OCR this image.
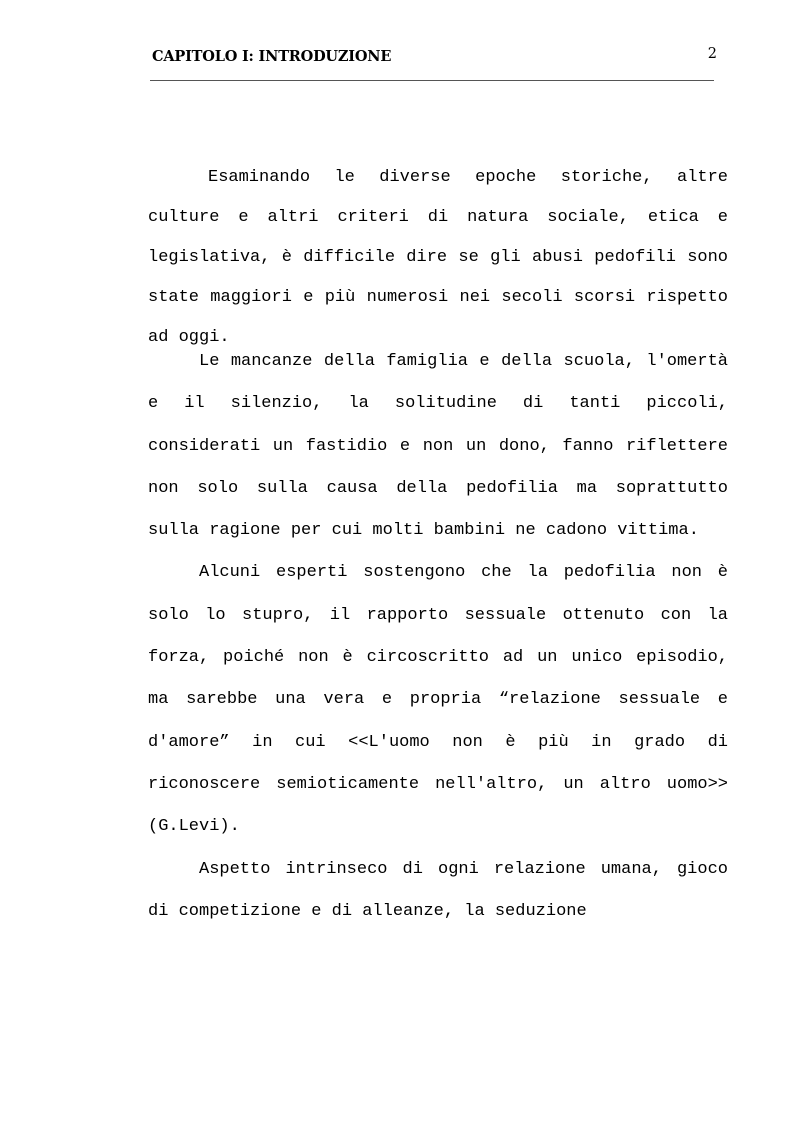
CAPITOLO I: INTRODUZIONE	2

Esaminando le diverse epoche storiche, altre culture e altri criteri di natura sociale, etica e legislativa, è difficile dire se gli abusi pedofili sono state maggiori e più numerosi nei secoli scorsi rispetto ad oggi.

Le mancanze della famiglia e della scuola, l'omertà e il silenzio, la solitudine di tanti piccoli, considerati un fastidio e non un dono, fanno riflettere non solo sulla causa della pedofilia ma soprattutto sulla ragione per cui molti bambini ne cadono vittima.

Alcuni esperti sostengono che la pedofilia non è solo lo stupro, il rapporto sessuale ottenuto con la forza, poiché non è circoscritto ad un unico episodio, ma sarebbe una vera e propria “relazione sessuale e d'amore” in cui <<L'uomo non è più in grado di riconoscere semioticamente nell'altro, un altro uomo>> (G.Levi).

Aspetto intrinseco di ogni relazione umana, gioco di competizione e di alleanze, la seduzione
